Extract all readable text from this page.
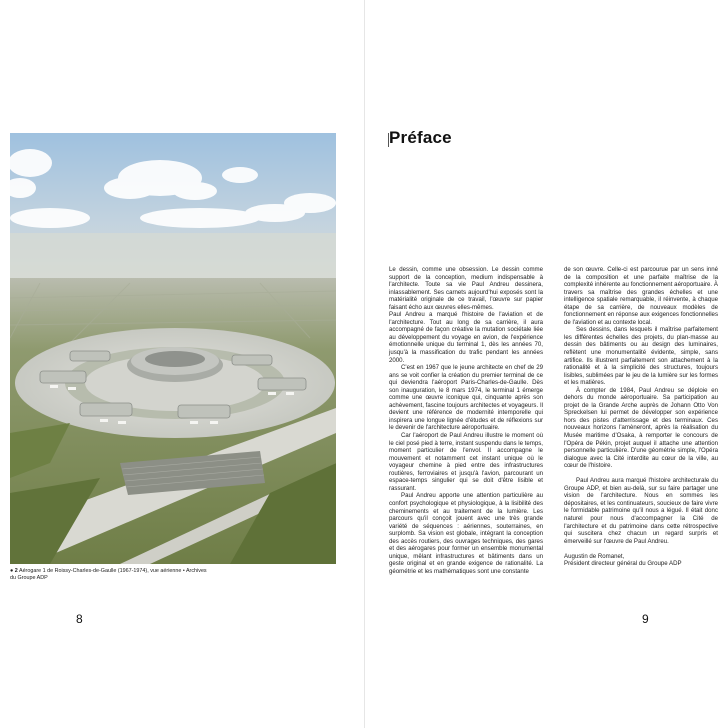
● 2 Aérogare 1 de Roissy-Charles-de-Gaulle (1967-1974), vue aérienne • Archives du Groupe ADP
8
Préface

Le dessin, comme une obsession. Le dessin comme support de la conception, medium indispensable à l'architecte. Toute sa vie Paul Andreu dessinera, inlassablement. Ses carnets aujourd'hui exposés sont la matérialité originale de ce travail, l'œuvre sur papier faisant écho aux œuvres elles-mêmes.

Paul Andreu a marqué l'histoire de l'aviation et de l'architecture. Tout au long de sa carrière, il aura accompagné de façon créative la mutation sociétale liée au développement du voyage en avion, de l'expérience émotionnelle unique du terminal 1, dès les années 70, jusqu'à la massification du trafic pendant les années 2000.

C'est en 1967 que le jeune architecte en chef de 29 ans se voit confier la création du premier terminal de ce qui deviendra l'aéroport Paris-Charles-de-Gaulle. Dès son inauguration, le 8 mars 1974, le terminal 1 émerge comme une œuvre iconique qui, cinquante après son achèvement, fascine toujours architectes et voyageurs. Il devient une référence de modernité intemporelle qui inspirera une longue lignée d'études et de réflexions sur le devenir de l'architecture aéroportuaire.

Car l'aéroport de Paul Andreu illustre le moment où le ciel posé pied à terre, instant suspendu dans le temps, moment particulier de l'envol. Il accompagne le mouvement et notamment cet instant unique où le voyageur chemine à pied entre des infrastructures routières, ferroviaires et jusqu'à l'avion, parcourant un espace-temps singulier qui se doit d'être lisible et rassurant.

Paul Andreu apporte une attention particulière au confort psychologique et physiologique, à la lisibilité des cheminements et au traitement de la lumière. Les parcours qu'il conçoit jouent avec une très grande variété de séquences : aériennes, souterraines, en surplomb. Sa vision est globale, intégrant la conception des accès routiers, des ouvrages techniques, des gares et des aérogares pour former un ensemble monumental unique, mêlant infrastructures et bâtiments dans un geste original et en grande exigence de rationalité. La géométrie et les mathématiques sont une constante

de son œuvre. Celle-ci est parcourue par un sens inné de la composition et une parfaite maîtrise de la complexité inhérente au fonctionnement aéroportuaire. À travers sa maîtrise des grandes échelles et une intelligence spatiale remarquable, il réinvente, à chaque étape de sa carrière, de nouveaux modèles de fonctionnement en réponse aux exigences fonctionnelles de l'aviation et au contexte local.

Ses dessins, dans lesquels il maîtrise parfaitement les différentes échelles des projets, du plan-masse au dessin des bâtiments ou au design des luminaires, reflètent une monumentalité évidente, simple, sans artifice. Ils illustrent parfaitement son attachement à la rationalité et à la simplicité des structures, toujours lisibles, sublimées par le jeu de la lumière sur les formes et les matières.

À compter de 1984, Paul Andreu se déploie en dehors du monde aéroportuaire. Sa participation au projet de la Grande Arche auprès de Johann Otto Von Spreckelsen lui permet de développer son expérience hors des pistes d'atterrissage et des terminaux. Ces nouveaux horizons l'amèneront, après la réalisation du Musée maritime d'Osaka, à remporter le concours de l'Opéra de Pékin, projet auquel il attache une attention personnelle particulière. D'une géométrie simple, l'Opéra dialogue avec la Cité interdite au cœur de la ville, au cœur de l'histoire.

Paul Andreu aura marqué l'histoire architecturale du Groupe ADP, et bien au-delà, sur su faire partager une vision de l'architecture. Nous en sommes les dépositaires, et les continuateurs, soucieux de faire vivre le formidable patrimoine qu'il nous a légué. Il était donc naturel pour nous d'accompagner la Cité de l'architecture et du patrimoine dans cette rétrospective qui suscitera chez chacun un regard surpris et émerveillé sur l'œuvre de Paul Andreu.

Augustin de Romanet,

Président directeur général du Groupe ADP

9
